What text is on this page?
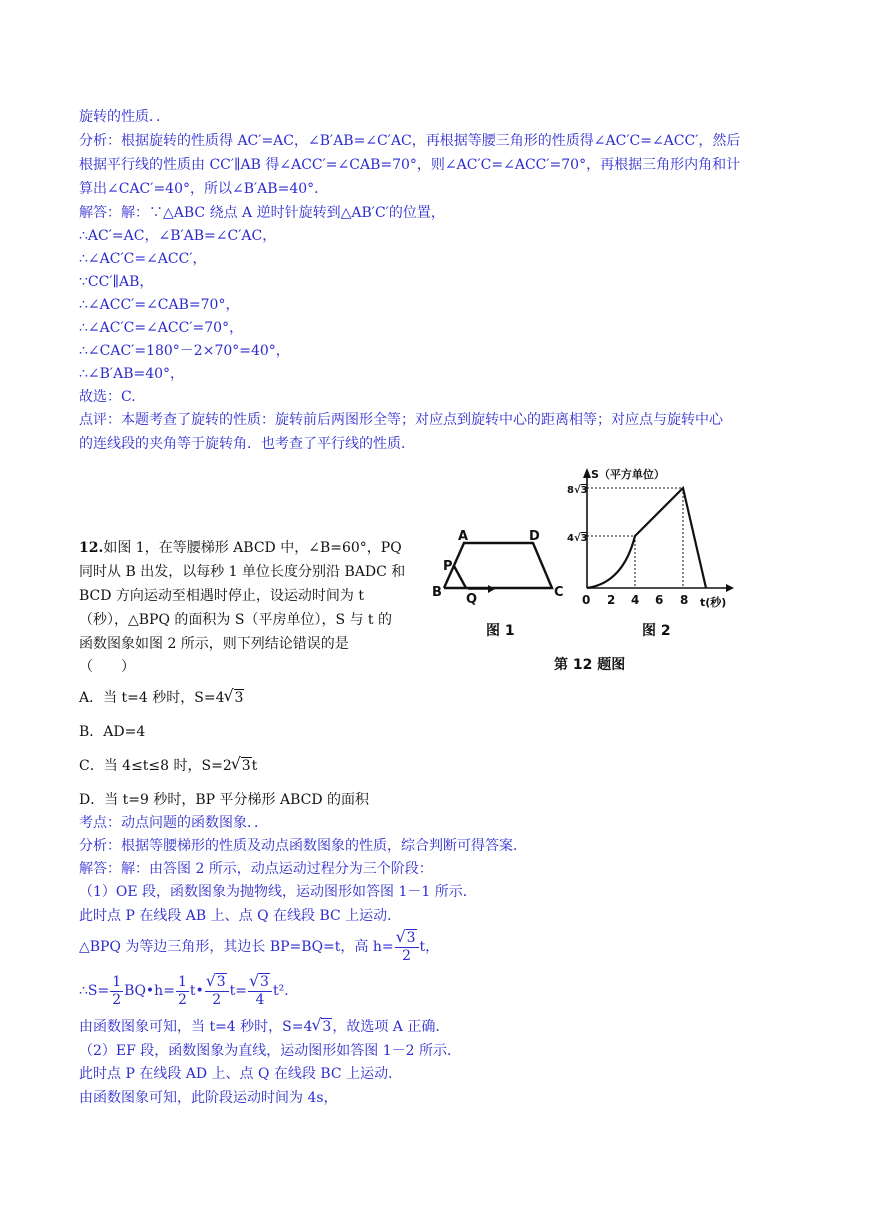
旋转的性质．．
分析：根据旋转的性质得 AC′=AC，∠B′AB=∠C′AC，再根据等腰三角形的性质得∠AC′C=∠ACC′，然后
根据平行线的性质由 CC′∥AB 得∠ACC′=∠CAB=70°，则∠AC′C=∠ACC′=70°，再根据三角形内角和计
算出∠CAC′=40°，所以∠B′AB=40°．
解答：解：∵△ABC 绕点 A 逆时针旋转到△AB′C′的位置，
∴AC′=AC，∠B′AB=∠C′AC，
∴∠AC′C=∠ACC′，
∵CC′∥AB，
∴∠ACC′=∠CAB=70°，
∴∠AC′C=∠ACC′=70°，
∴∠CAC′=180°－2×70°=40°，
∴∠B′AB=40°，
故选：C.
点评：本题考查了旋转的性质：旋转前后两图形全等；对应点到旋转中心的距离相等；对应点与旋转中心
的连线段的夹角等于旋转角．也考查了平行线的性质．
12.如图 1，在等腰梯形 ABCD 中，∠B=60°，PQ
同时从 B 出发，以每秒 1 单位长度分别沿 BADC 和
BCD 方向运动至相遇时停止，设运动时间为 t
（秒），△BPQ 的面积为 S（平房单位），S 与 t 的
函数图象如图 2 所示，则下列结论错误的是
（　　）
A．当 t=4 秒时，S=4 √ 3
B．AD=4
C．当 4≤t≤8 时，S=2 √ 3t
D．当 t=9 秒时，BP 平分梯形 ABCD 的面积
考点：动点问题的函数图象．．
分析：根据等腰梯形的性质及动点函数图象的性质，综合判断可得答案．
解答：解：由答图 2 所示，动点运动过程分为三个阶段：
（1）OE 段，函数图象为抛物线，运动图形如答图 1－1 所示．
此时点 P 在线段 AB 上、点 Q 在线段 BC 上运动．
△BPQ 为等边三角形，其边长 BP=BQ=t，高 h= √ $\frac{3}{2}$ t，
∴S= $\frac{1}{2}$ BQ•h= $\frac{1}{2}$ t• √ $\frac{3}{2} t=$ √ $\frac{3}{4} t^2$．
由函数图象可知，当 t=4 秒时，S=4 √ 3，故选项 A 正确．
（2）EF 段，函数图象为直线，运动图形如答图 1－2 所示．
此时点 P 在线段 AD 上、点 Q 在线段 BC 上运动．
由函数图象可知，此阶段运动时间为 4s，
A	D
P
B Q	C
图 1
S（平方单位）
t(秒)
8√3
4√3
0 2 4 6 8
图 2
第 12 题图
